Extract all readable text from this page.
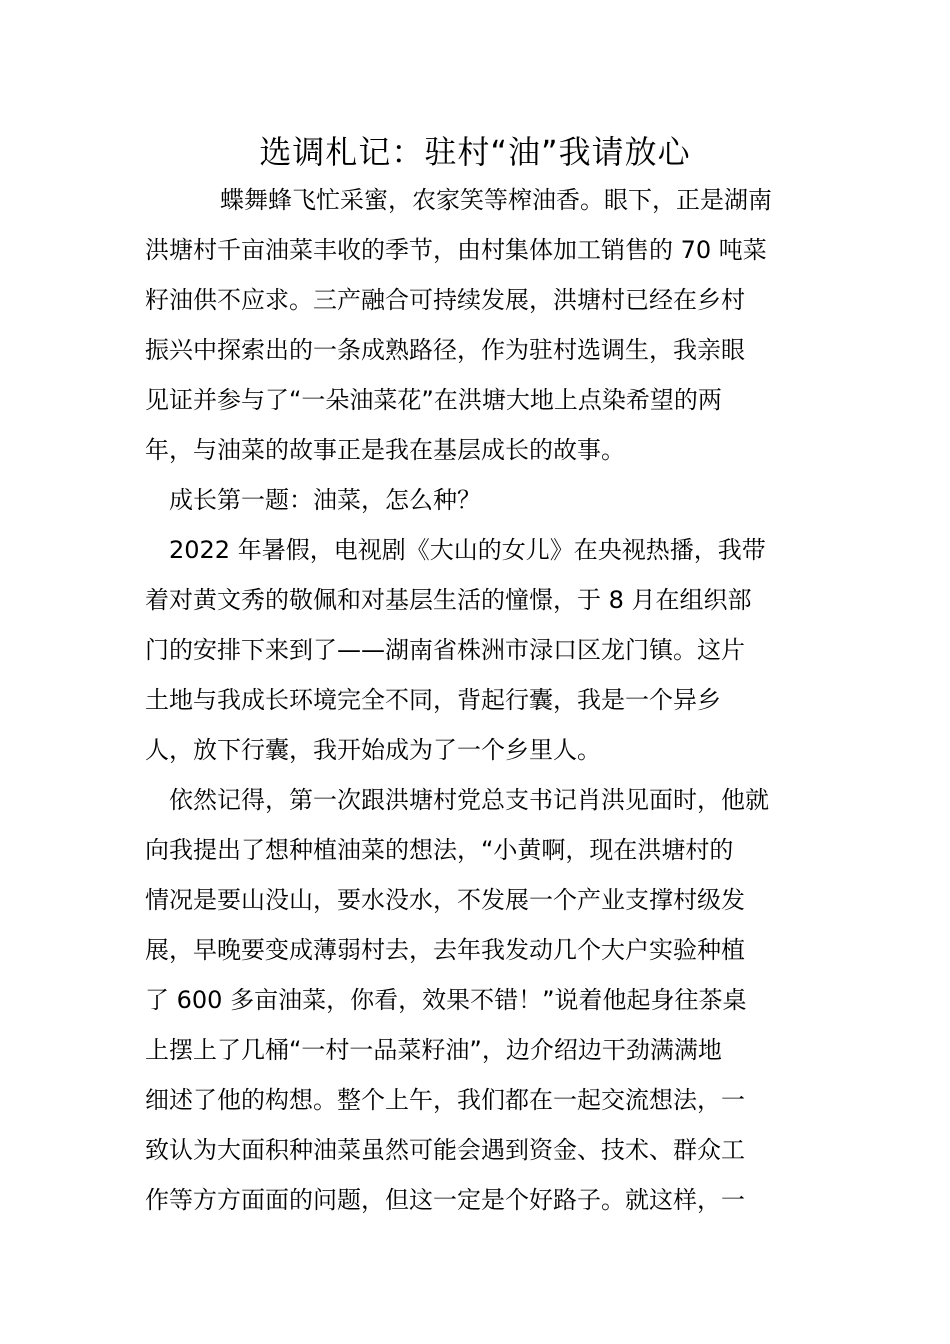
选调札记：驻村“油”我请放心
蝶舞蜂飞忙采蜜，农家笑等榨油香。眼下，正是湖南
洪塘村千亩油菜丰收的季节，由村集体加工销售的 70 吨菜
籽油供不应求。三产融合可持续发展，洪塘村已经在乡村
振兴中探索出的一条成熟路径，作为驻村选调生，我亲眼
见证并参与了“一朵油菜花”在洪塘大地上点染希望的两
年，与油菜的故事正是我在基层成长的故事。
成长第一题：油菜，怎么种？
2022 年暑假，电视剧《大山的女儿》在央视热播，我带
着对黄文秀的敬佩和对基层生活的憧憬，于 8 月在组织部
门的安排下来到了——湖南省株洲市渌口区龙门镇。这片
土地与我成长环境完全不同，背起行囊，我是一个异乡
人，放下行囊，我开始成为了一个乡里人。
依然记得，第一次跟洪塘村党总支书记肖洪见面时，他就
向我提出了想种植油菜的想法，“小黄啊，现在洪塘村的
情况是要山没山，要水没水，不发展一个产业支撑村级发
展，早晚要变成薄弱村去，去年我发动几个大户实验种植
了 600 多亩油菜，你看，效果不错！”说着他起身往茶桌
上摆上了几桶“一村一品菜籽油”，边介绍边干劲满满地
细述了他的构想。整个上午，我们都在一起交流想法，一
致认为大面积种油菜虽然可能会遇到资金、技术、群众工
作等方方面面的问题，但这一定是个好路子。就这样，一
